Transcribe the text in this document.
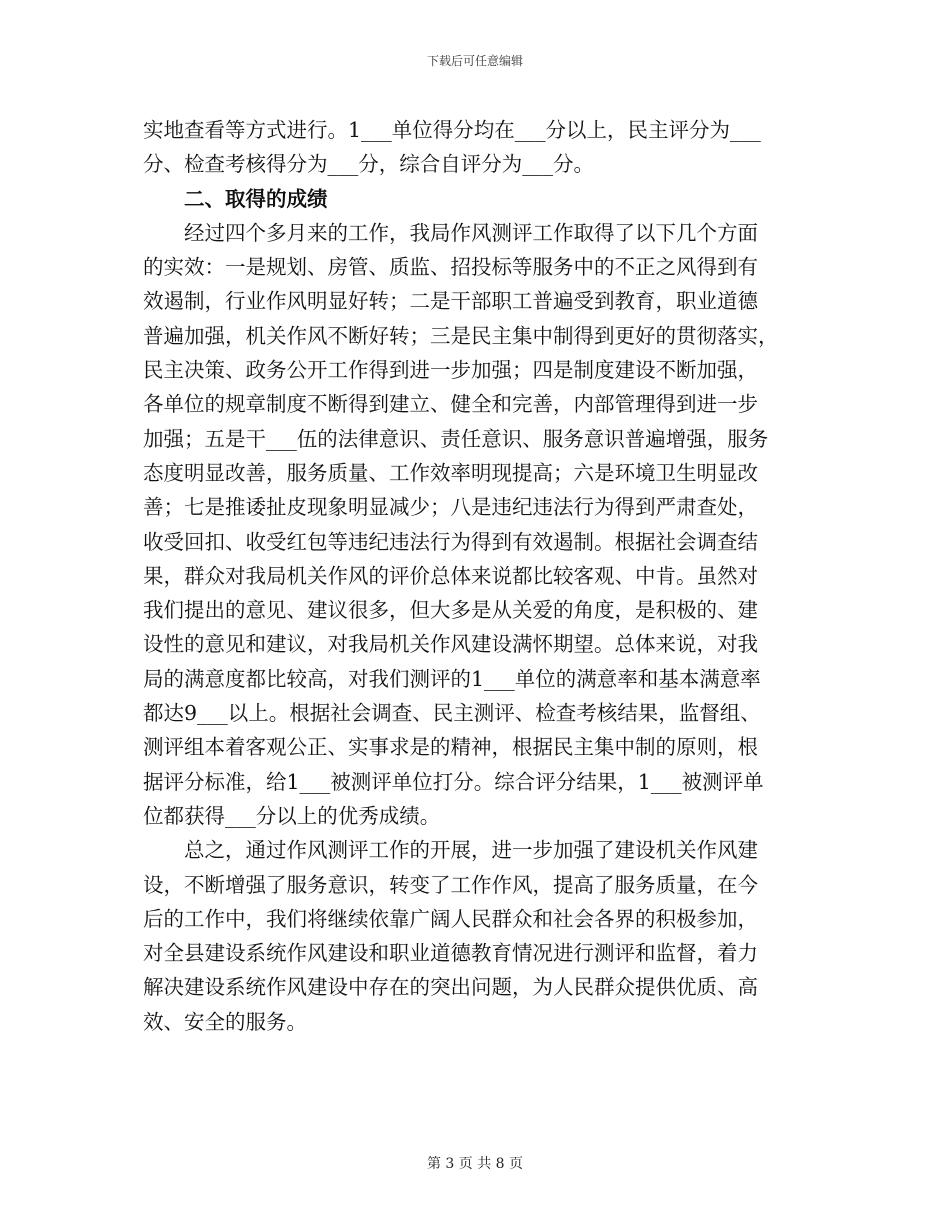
下载后可任意编辑
实地查看等方式进行。1___单位得分均在___分以上，民主评分为___
分、检查考核得分为___分，综合自评分为___分。
　　二、取得的成绩
　　经过四个多月来的工作，我局作风测评工作取得了以下几个方面
的实效：一是规划、房管、质监、招投标等服务中的不正之风得到有
效遏制，行业作风明显好转；二是干部职工普遍受到教育，职业道德
普遍加强，机关作风不断好转；三是民主集中制得到更好的贯彻落实，
民主决策、政务公开工作得到进一步加强；四是制度建设不断加强，
各单位的规章制度不断得到建立、健全和完善，内部管理得到进一步
加强；五是干___伍的法律意识、责任意识、服务意识普遍增强，服务
态度明显改善，服务质量、工作效率明现提高；六是环境卫生明显改
善；七是推诿扯皮现象明显减少；八是违纪违法行为得到严肃查处，
收受回扣、收受红包等违纪违法行为得到有效遏制。根据社会调查结
果，群众对我局机关作风的评价总体来说都比较客观、中肯。虽然对
我们提出的意见、建议很多，但大多是从关爱的角度，是积极的、建
设性的意见和建议，对我局机关作风建设满怀期望。总体来说，对我
局的满意度都比较高，对我们测评的1___单位的满意率和基本满意率
都达9___以上。根据社会调查、民主测评、检查考核结果，监督组、
测评组本着客观公正、实事求是的精神，根据民主集中制的原则，根
据评分标准，给1___被测评单位打分。综合评分结果，1___被测评单
位都获得___分以上的优秀成绩。
　　总之，通过作风测评工作的开展，进一步加强了建设机关作风建
设，不断增强了服务意识，转变了工作作风，提高了服务质量，在今
后的工作中，我们将继续依靠广阔人民群众和社会各界的积极参加，
对全县建设系统作风建设和职业道德教育情况进行测评和监督，着力
解决建设系统作风建设中存在的突出问题，为人民群众提供优质、高
效、安全的服务。
第 3 页 共 8 页
